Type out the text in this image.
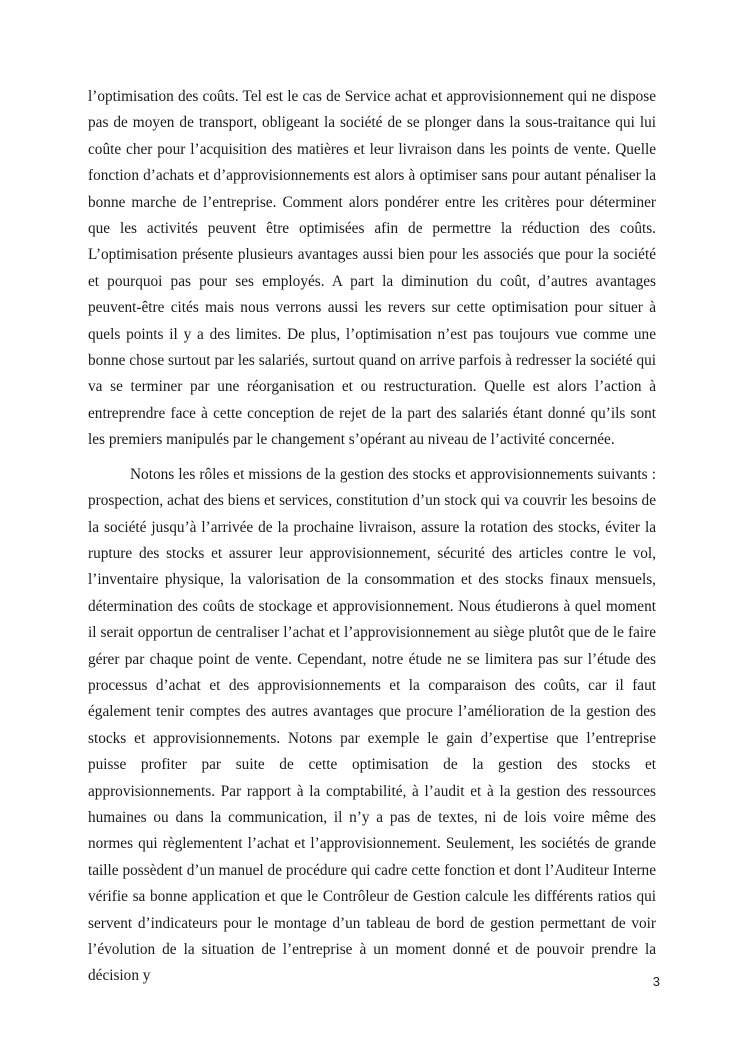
l’optimisation des coûts. Tel est le cas de Service achat et approvisionnement qui ne dispose pas de moyen de transport, obligeant la société de se plonger dans la sous-traitance qui lui coûte cher pour l’acquisition des matières et leur livraison dans les points de vente. Quelle fonction d’achats et d’approvisionnements est alors à optimiser sans pour autant pénaliser la bonne marche de l’entreprise. Comment alors pondérer entre les critères pour déterminer que les activités peuvent être optimisées afin de permettre la réduction des coûts. L’optimisation présente plusieurs avantages aussi bien pour les associés que pour la société et pourquoi pas pour ses employés. A part la diminution du coût, d’autres avantages peuvent-être cités mais nous verrons aussi les revers sur cette optimisation pour situer à quels points il y a des limites. De plus, l’optimisation n’est pas toujours vue comme une bonne chose surtout par les salariés, surtout quand on arrive parfois à redresser la société qui va se terminer par une réorganisation et ou restructuration. Quelle est alors l’action à entreprendre face à cette conception de rejet de la part des salariés étant donné qu’ils sont les premiers manipulés par le changement s’opérant au niveau de l’activité concernée.

Notons les rôles et missions de la gestion des stocks et approvisionnements suivants : prospection, achat des biens et services, constitution d’un stock qui va couvrir les besoins de la société jusqu’à l’arrivée de la prochaine livraison, assure la rotation des stocks, éviter la rupture des stocks et assurer leur approvisionnement, sécurité des articles contre le vol, l’inventaire physique, la valorisation de la consommation et des stocks finaux mensuels, détermination des coûts de stockage et approvisionnement. Nous étudierons à quel moment il serait opportun de centraliser l’achat et l’approvisionnement au siège plutôt que de le faire gérer par chaque point de vente. Cependant, notre étude ne se limitera pas sur l’étude des processus d’achat et des approvisionnements et la comparaison des coûts, car il faut également tenir comptes des autres avantages que procure l’amélioration de la gestion des stocks et approvisionnements. Notons par exemple le gain d’expertise que l’entreprise puisse profiter par suite de cette optimisation de la gestion des stocks et approvisionnements. Par rapport à la comptabilité, à l’audit et à la gestion des ressources humaines ou dans la communication, il n’y a pas de textes, ni de lois voire même des normes qui règlementent l’achat et l’approvisionnement. Seulement, les sociétés de grande taille possèdent d’un manuel de procédure qui cadre cette fonction et dont l’Auditeur Interne vérifie sa bonne application et que le Contrôleur de Gestion calcule les différents ratios qui servent d’indicateurs pour le montage d’un tableau de bord de gestion permettant de voir l’évolution de la situation de l’entreprise à un moment donné et de pouvoir prendre la décision y	3
